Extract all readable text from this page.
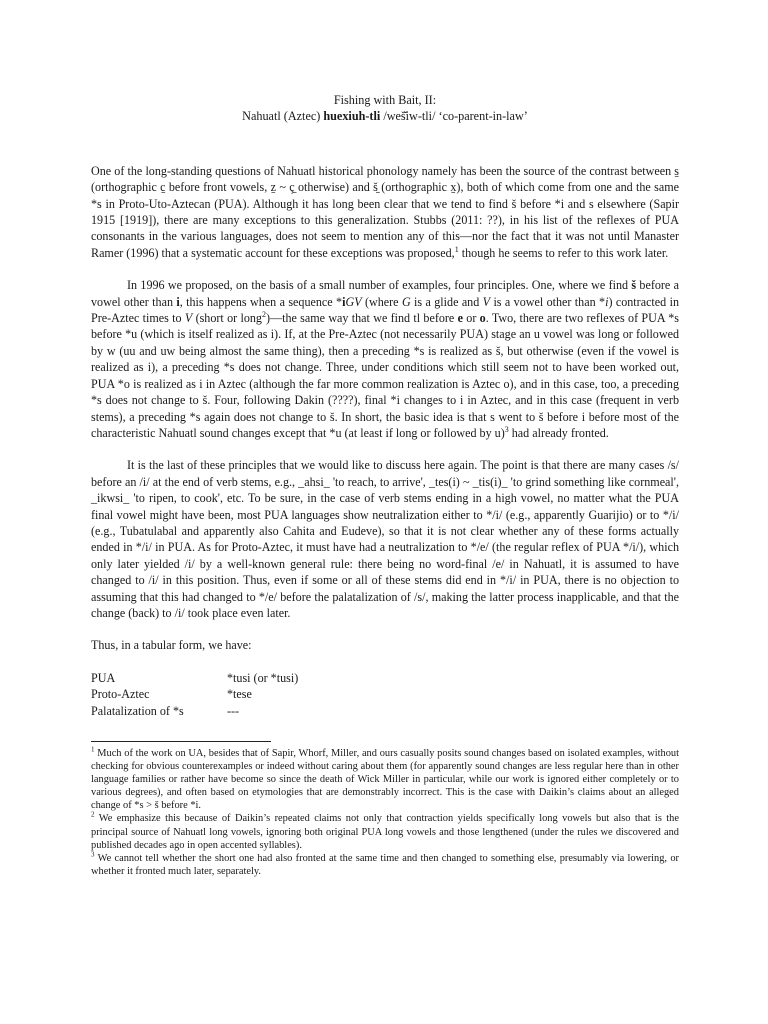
Fishing with Bait, II:
Nahuatl (Aztec) huexiuh-tli /weš̌iw-tli/ ‘co-parent-in-law’

One of the long-standing questions of Nahuatl historical phonology namely has been the source of the contrast between s̱ (orthographic c̱ before front vowels, ẕ ~ ç̱ otherwise) and š̱ (orthographic x̱), both of which come from one and the same *s in Proto-Uto-Aztecan (PUA). Although it has long been clear that we tend to find š before *i and s elsewhere (Sapir 1915 [1919]), there are many exceptions to this generalization. Stubbs (2011: ??), in his list of the reflexes of PUA consonants in the various languages, does not seem to mention any of this—nor the fact that it was not until Manaster Ramer (1996) that a systematic account for these exceptions was proposed,$^1$ though he seems to refer to this work later.

In 1996 we proposed, on the basis of a small number of examples, four principles. One, where we find š before a vowel other than i, this happens when a sequence *iGV (where G is a glide and V is a vowel other than *i) contracted in Pre-Aztec times to V (short or long$^2$)—the same way that we find tl before e or o. Two, there are two reflexes of PUA *s before *u (which is itself realized as i). If, at the Pre-Aztec (not necessarily PUA) stage an u vowel was long or followed by w (uu and uw being almost the same thing), then a preceding *s is realized as š, but otherwise (even if the vowel is realized as i), a preceding *s does not change. Three, under conditions which still seem not to have been worked out, PUA *o is realized as i in Aztec (although the far more common realization is Aztec o), and in this case, too, a preceding *s does not change to š. Four, following Dakin (????), final *i changes to i in Aztec, and in this case (frequent in verb stems), a preceding *s again does not change to š. In short, the basic idea is that s went to š before i before most of the characteristic Nahuatl sound changes except that *u (at least if long or followed by u)$^3$ had already fronted.

It is the last of these principles that we would like to discuss here again. The point is that there are many cases /s/ before an /i/ at the end of verb stems, e.g., _ahsi_ 'to reach, to arrive', _tes(i) ~ _tis(i)_ 'to grind something like cornmeal', _ikwsi_ 'to ripen, to cook', etc. To be sure, in the case of verb stems ending in a high vowel, no matter what the PUA final vowel might have been, most PUA languages show neutralization either to */i/ (e.g., apparently Guarijio) or to */i/ (e.g., Tubatulabal and apparently also Cahita and Eudeve), so that it is not clear whether any of these forms actually ended in */i/ in PUA. As for Proto-Aztec, it must have had a neutralization to */e/ (the regular reflex of PUA */i/), which only later yielded /i/ by a well-known general rule: there being no word-final /e/ in Nahuatl, it is assumed to have changed to /i/ in this position. Thus, even if some or all of these stems did end in */i/ in PUA, there is no objection to assuming that this had changed to */e/ before the palatalization of /s/, making the latter process inapplicable, and that the change (back) to /i/ took place even later.

Thus, in a tabular form, we have:

PUA	*tusi (or *tusi)
Proto-Aztec	*tese
Palatalization of *s	---

$^1$ Much of the work on UA, besides that of Sapir, Whorf, Miller, and ours casually posits sound changes based on isolated examples, without checking for obvious counterexamples or indeed without caring about them (for apparently sound changes are less regular here than in other language families or rather have become so since the death of Wick Miller in particular, while our work is ignored either completely or to various degrees), and often based on etymologies that are demonstrably incorrect. This is the case with Daikin’s claims about an alleged change of *s > š before *i.

$^2$ We emphasize this because of Daikin’s repeated claims not only that contraction yields specifically long vowels but also that is the principal source of Nahuatl long vowels, ignoring both original PUA long vowels and those lengthened (under the rules we discovered and published decades ago in open accented syllables).

$^3$ We cannot tell whether the short one had also fronted at the same time and then changed to something else, presumably via lowering, or whether it fronted much later, separately.
